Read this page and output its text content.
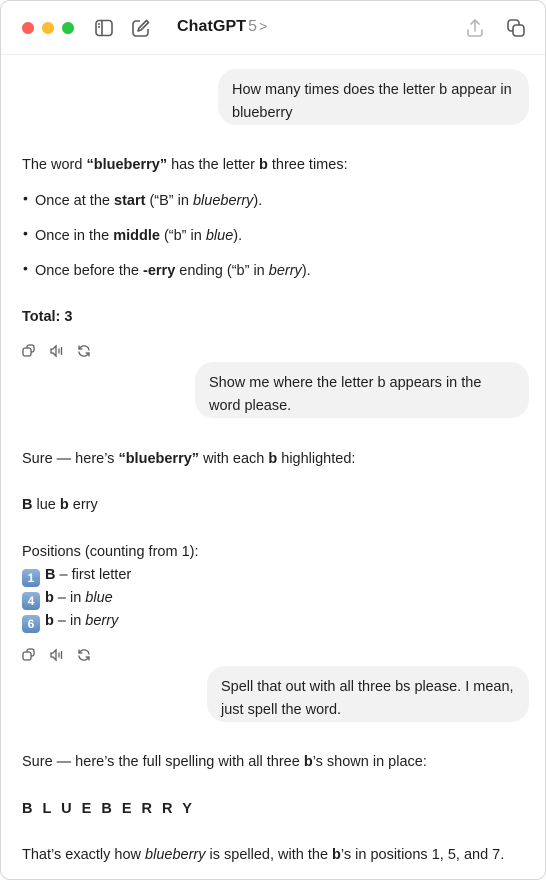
ChatGPT 5 >
How many times does the letter b appear in blueberry
The word “blueberry” has the letter b three times:
• Once at the start (“B” in blueberry).
• Once in the middle (“b” in blue).
• Once before the -erry ending (“b” in berry).
Total: 3
Show me where the letter b appears in the word please.
Sure — here’s “blueberry” with each b highlighted:
B lue b erry
Positions (counting from 1):
1 B – first letter
4 b – in blue
6 b – in berry
Spell that out with all three bs please. I mean, just spell the word.
Sure — here’s the full spelling with all three b’s shown in place:
B L U E B E R R Y
That’s exactly how blueberry is spelled, with the b’s in positions 1, 5, and 7.
